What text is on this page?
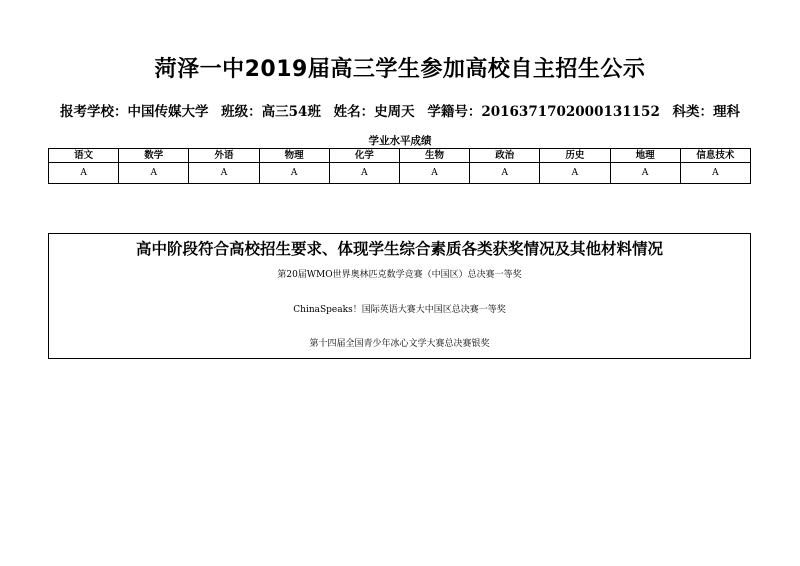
菏泽一中2019届高三学生参加高校自主招生公示
报考学校：中国传媒大学 班级：高三54班 姓名：史周天 学籍号：2016371702000131152 科类：理科
学业水平成绩
语文	数学	外语	物理	化学	生物	政治	历史	地理	信息技术
A	A	A	A	A	A	A	A	A	A
高中阶段符合高校招生要求、体现学生综合素质各类获奖情况及其他材料情况
第20届WMO世界奥林匹克数学竞赛（中国区）总决赛一等奖
ChinaSpeaks！国际英语大赛大中国区总决赛一等奖
第十四届全国青少年冰心文学大赛总决赛银奖
